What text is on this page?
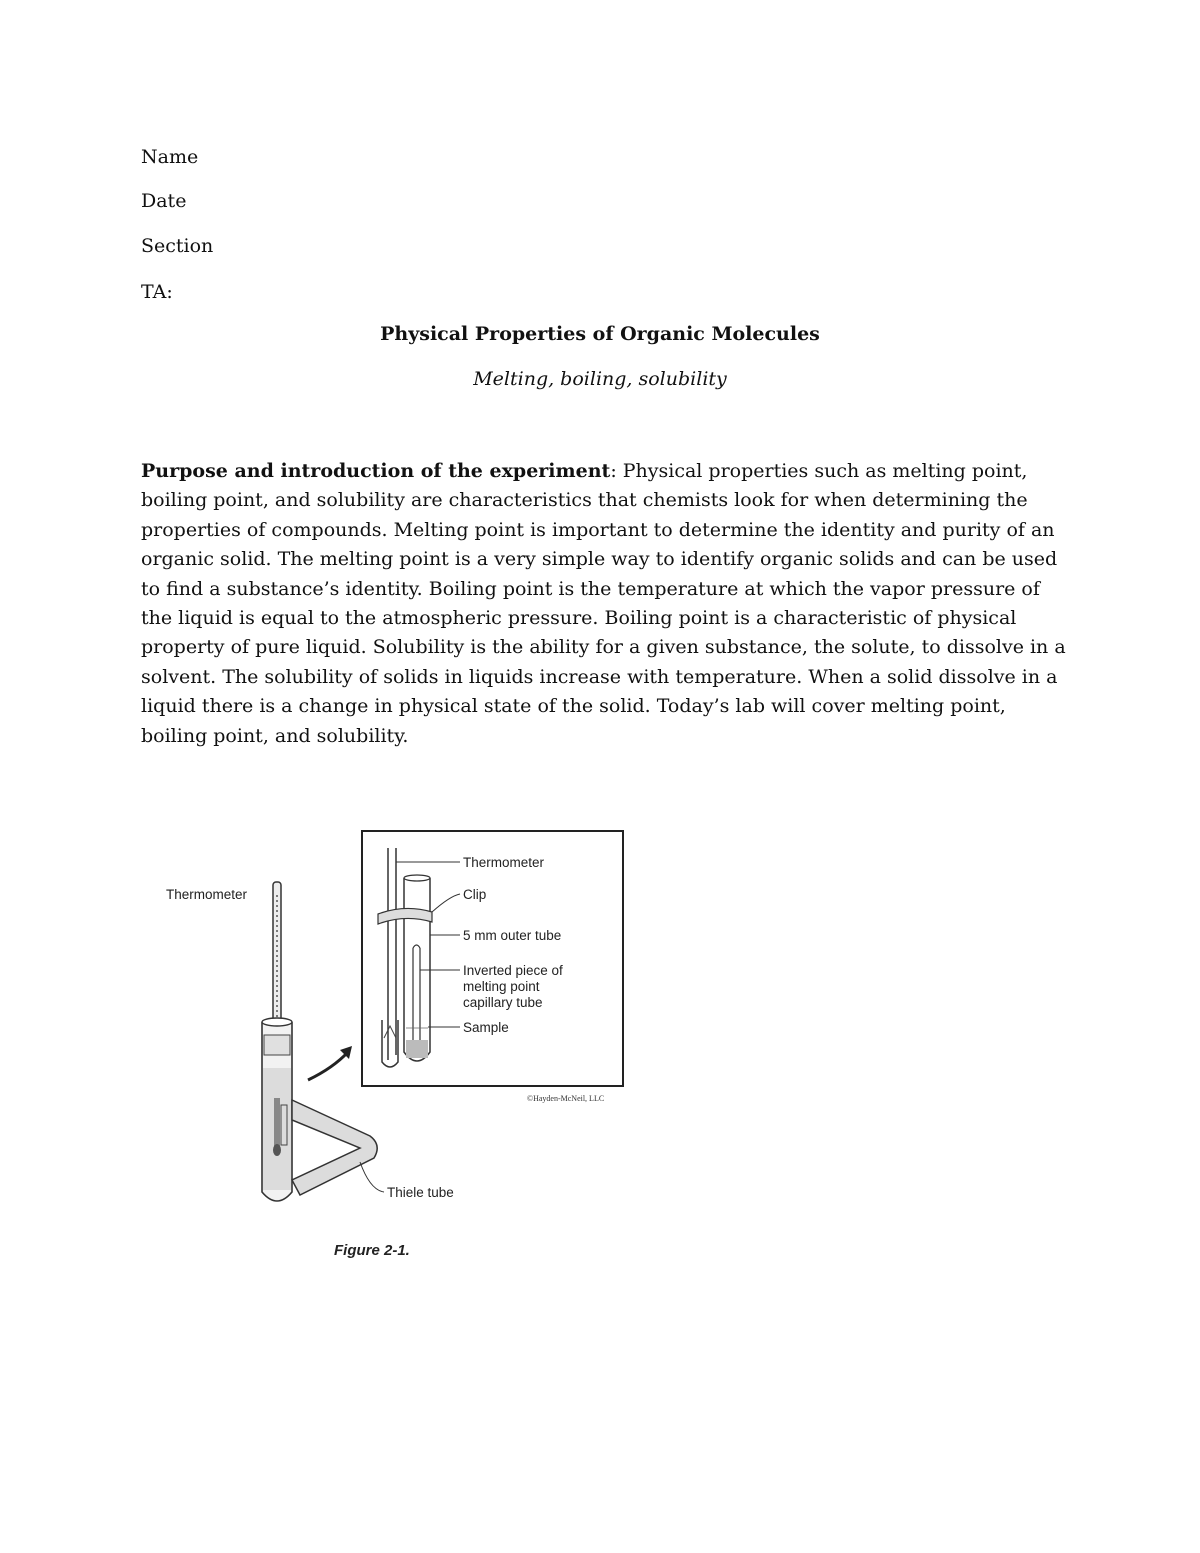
Name
Date
Section
TA:
Physical Properties of Organic Molecules
Melting, boiling, solubility

Purpose and introduction of the experiment: Physical properties such as melting point, boiling point, and solubility are characteristics that chemists look for when determining the properties of compounds. Melting point is important to determine the identity and purity of an organic solid. The melting point is a very simple way to identify organic solids and can be used to find a substance’s identity. Boiling point is the temperature at which the vapor pressure of the liquid is equal to the atmospheric pressure. Boiling point is a characteristic of physical property of pure liquid. Solubility is the ability for a given substance, the solute, to dissolve in a solvent. The solubility of solids in liquids increase with temperature. When a solid dissolve in a liquid there is a change in physical state of the solid. Today’s lab will cover melting point, boiling point, and solubility.

Thermometer
Clip
5 mm outer tube
Inverted piece of
melting point
capillary tube
Sample
©Hayden-McNeil, LLC
Thermometer
Thiele tube
Figure 2-1.
